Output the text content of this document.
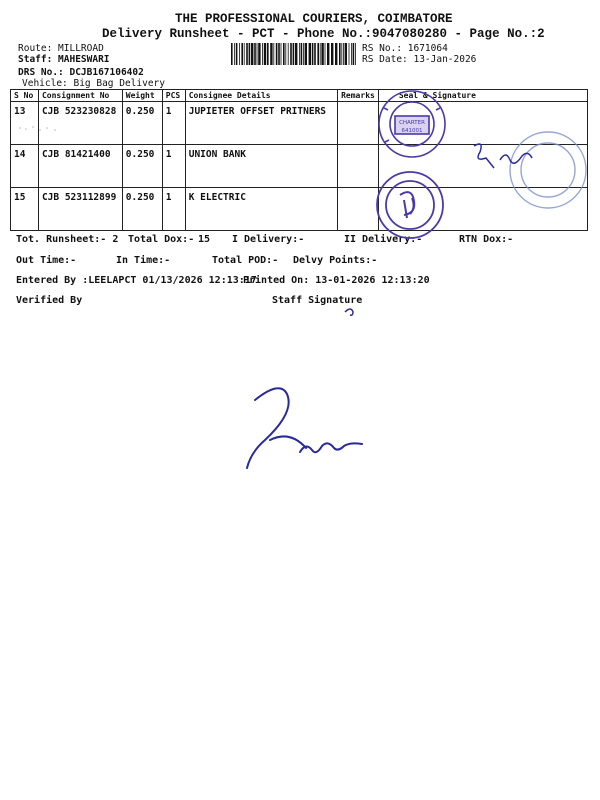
THE PROFESSIONAL COURIERS, COIMBATORE
Delivery Runsheet - PCT - Phone No.:9047080280 - Page No.:2
Route: MILLROAD
Staff: MAHESWARI
DRS No.: DCJB167106402
Vehicle: Big Bag Delivery
RS No.: 1671064
RS Date: 13-Jan-2026
S No	Consignment No	Weight	PCS	Consignee Details	Remarks	Seal & Signature
13	CJB 523230828	0.250	1	JUPIETER OFFSET PRITNERS		
14	CJB 81421400	0.250	1	UNION BANK		
15	CJB 523112899	0.250	1	K ELECTRIC		
Tot. Runsheet:- 2 Total Dox:- 15 I Delivery:-	II Delivery:-	RTN Dox:-
Out Time:-	In Time:-	Total POD:- Delvy Points:-
Entered By :LEELAPCT 01/13/2026 12:13:17
Printed On: 13-01-2026 12:13:20
Verified By	Staff Signature
CHARTER
641001
